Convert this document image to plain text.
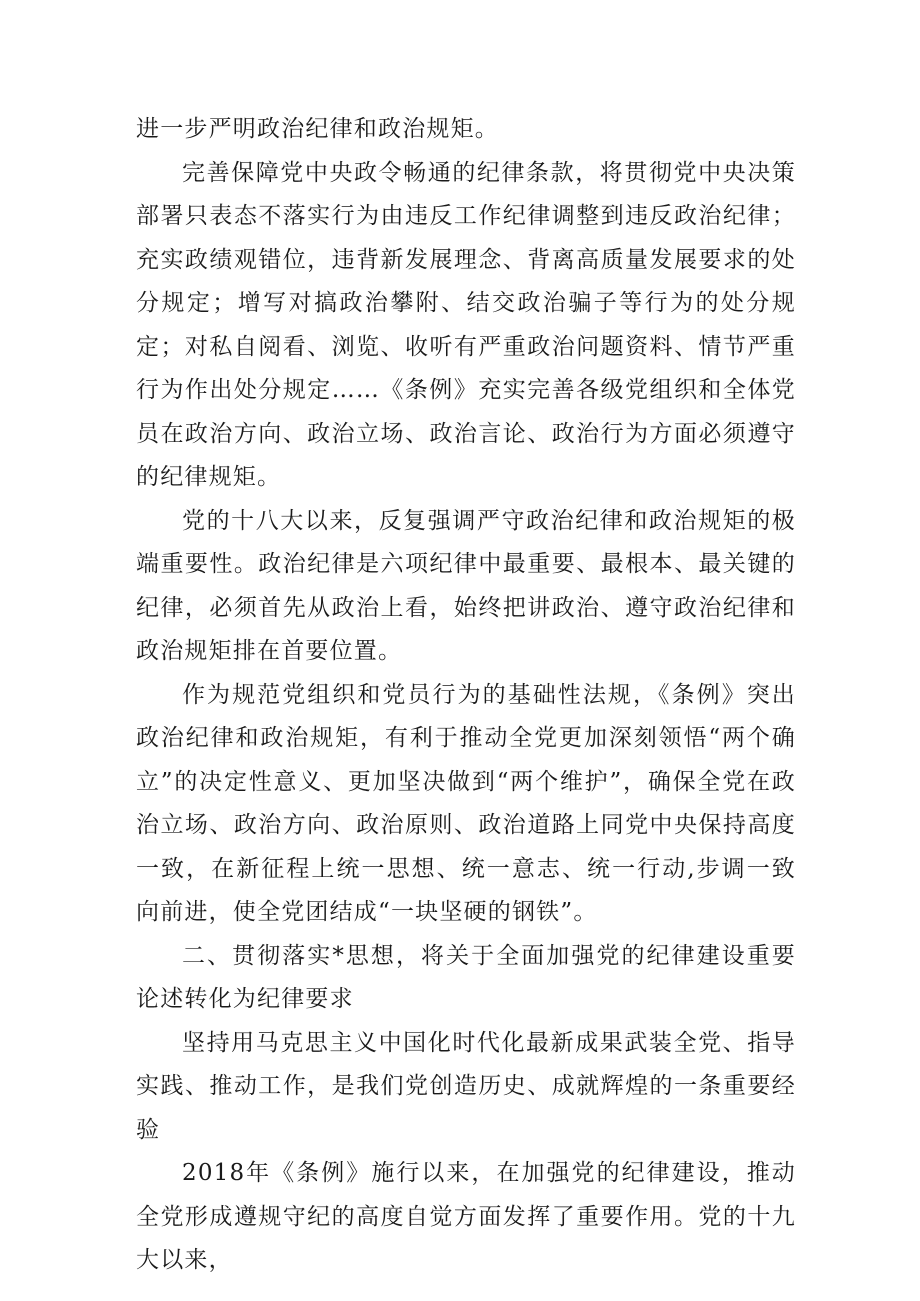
进一步严明政治纪律和政治规矩。

完善保障党中央政令畅通的纪律条款，将贯彻党中央决策部署只表态不落实行为由违反工作纪律调整到违反政治纪律；充实政绩观错位，违背新发展理念、背离高质量发展要求的处分规定；增写对搞政治攀附、结交政治骗子等行为的处分规定；对私自阅看、浏览、收听有严重政治问题资料、情节严重行为作出处分规定……《条例》充实完善各级党组织和全体党员在政治方向、政治立场、政治言论、政治行为方面必须遵守的纪律规矩。

党的十八大以来，反复强调严守政治纪律和政治规矩的极端重要性。政治纪律是六项纪律中最重要、最根本、最关键的纪律，必须首先从政治上看，始终把讲政治、遵守政治纪律和政治规矩排在首要位置。

作为规范党组织和党员行为的基础性法规，《条例》突出政治纪律和政治规矩，有利于推动全党更加深刻领悟“两个确立”的决定性意义、更加坚决做到“两个维护”，确保全党在政治立场、政治方向、政治原则、政治道路上同党中央保持高度一致，在新征程上统一思想、统一意志、统一行动,步调一致向前进，使全党团结成“一块坚硬的钢铁”。

二、贯彻落实*思想，将关于全面加强党的纪律建设重要论述转化为纪律要求

坚持用马克思主义中国化时代化最新成果武装全党、指导实践、推动工作，是我们党创造历史、成就辉煌的一条重要经验

2018年《条例》施行以来，在加强党的纪律建设，推动全党形成遵规守纪的高度自觉方面发挥了重要作用。党的十九大以来，
